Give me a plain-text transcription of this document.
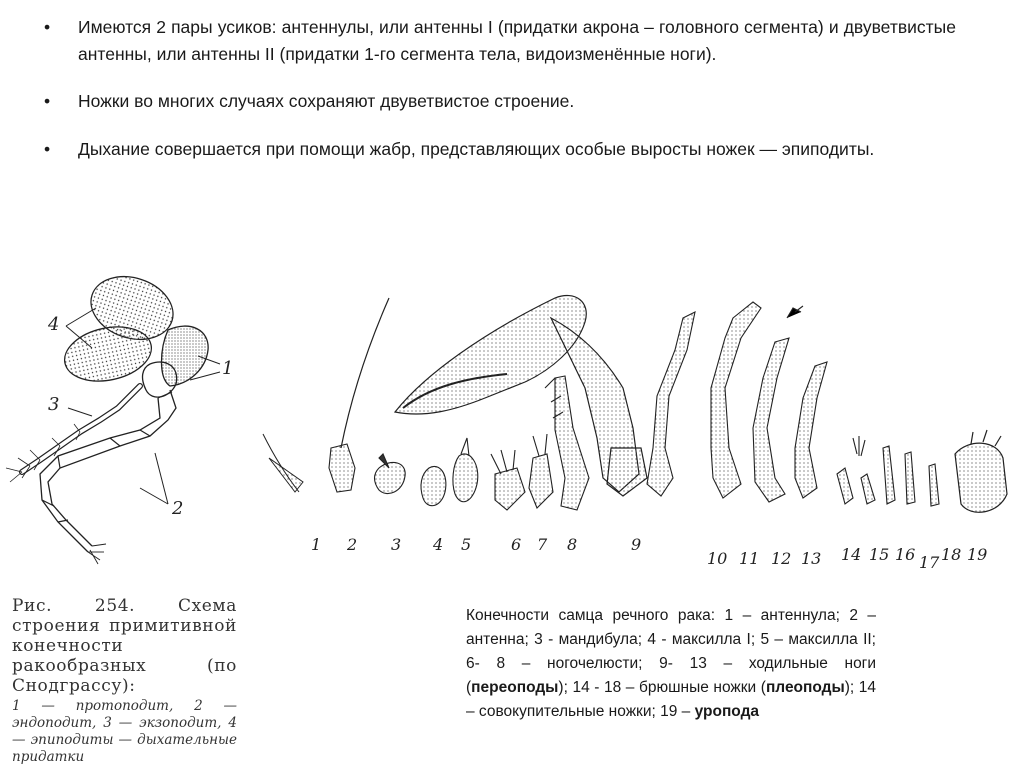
• Имеются 2 пары усиков: антеннулы, или антенны I (придатки акрона – головного сегмента) и двуветвистые антенны, или антенны II (придатки 1-го сегмента тела, видоизменённые ноги).
• Ножки во многих случаях сохраняют двуветвистое строение.
• Дыхание совершается при помощи жабр, представляющих особые выросты ножек — эпиподиты.
4
3
1
2
Рис. 254. Схема строения примитивной конечности ракообразных (по Снодграссу):
1 — протоподит, 2 — эндоподит, 3 — экзоподит, 4 — эпиподиты — дыхательные придатки
1 2 3 4 5 6 7 8	9
10 11 12 13 14 15 16 17 18 19
Конечности самца речного рака: 1 – антеннула; 2 – антенна; 3 - мандибула; 4 - максилла I; 5 – максилла II; 6- 8 – ногочелюсти; 9- 13 – ходильные ноги (переоподы); 14 - 18 – брюшные ножки (плеоподы); 14 – совокупительные ножки; 19 – уропода
